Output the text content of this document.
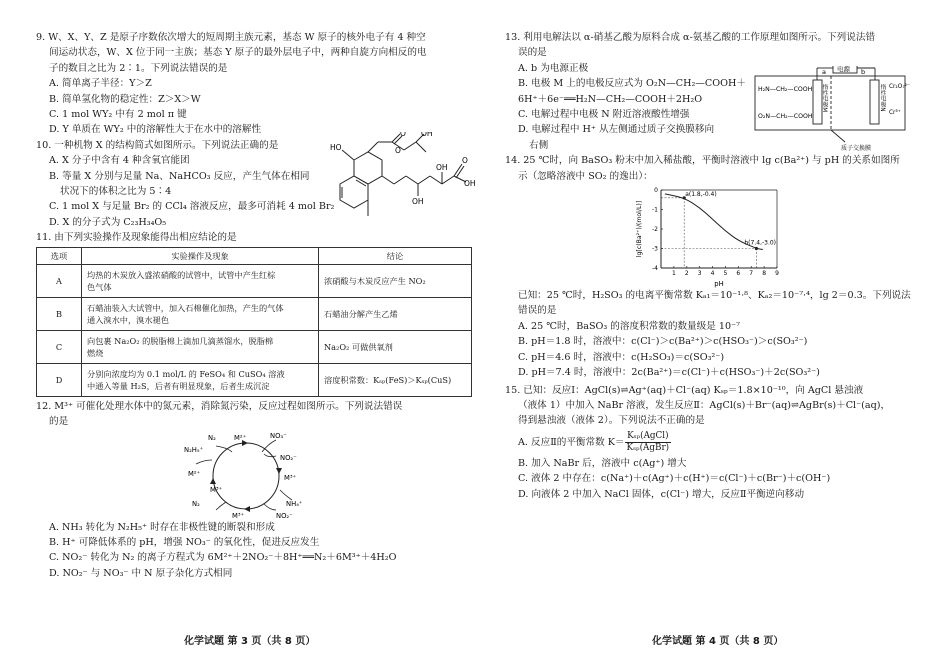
9. W、X、Y、Z 是原子序数依次增大的短周期主族元素，基态 W 原子的核外电子有 4 种空
间运动状态，W、X 位于同一主族；基态 Y 原子的最外层电子中，两种自旋方向相反的电
子的数目之比为 2∶1。下列说法错误的是
A. 简单离子半径：Y＞Z
B. 简单氢化物的稳定性：Z＞X＞W
C. 1 mol WY₂ 中有 2 mol π 键
D. Y 单质在 WY₂ 中的溶解性大于在水中的溶解性
10. 一种机物 X 的结构简式如图所示。下列说法正确的是
A. X 分子中含有 4 种含氧官能团
B. 等量 X 分别与足量 Na、NaHCO₃ 反应，产生气体在相同
状况下的体积之比为 5∶4
C. 1 mol X 与足量 Br₂ 的 CCl₄ 溶液反应，最多可消耗 4 mol Br₂
D. X 的分子式为 C₂₃H₃₄O₅
HO	O
O OH
OH
OH
OH
O
11. 由下列实验操作及现象能得出相应结论的是
选项	实验操作及现象	结论
A	均热的木炭放入盛浓硝酸的试管中，试管中产生红棕
色气体	浓硝酸与木炭反应产生 NO₂
B	石蜡油装入大试管中，加入石棉催化加热，产生的气体
通入溴水中，溴水褪色	石蜡油分解产生乙烯
C	向包裹 Na₂O₂ 的脱脂棉上滴加几滴蒸馏水，脱脂棉
燃烧	Na₂O₂ 可做供氧剂
D	分别向浓度均为 0.1 mol/L 的 FeSO₄ 和 CuSO₄ 溶液
中通入等量 H₂S，后者有明显现象，后者生成沉淀	溶度积常数：Kₛₚ(FeS)＞Kₛₚ(CuS)
12. M³⁺ 可催化处理水体中的氮元素，消除氮污染，反应过程如图所示。下列说法错误
的是
N₂
N₂H₅⁺
M²⁺	NO₃⁻
NO₂⁻
M³⁺
M²⁺
N₂
M³⁺
NH₄⁺
M³⁺
NO₂⁻
A. NH₃ 转化为 N₂H₅⁺ 时存在非极性键的断裂和形成
B. H⁺ 可降低体系的 pH，增强 NO₃⁻ 的氧化性，促进反应发生
C. NO₂⁻ 转化为 N₂ 的离子方程式为 6M²⁺＋2NO₂⁻＋8H⁺══N₂＋6M³⁺＋4H₂O
D. NO₂⁻ 与 NO₃⁻ 中 N 原子杂化方式相同
化学试题 第 3 页（共 8 页）
13. 利用电解法以 α-硝基乙酸为原料合成 α-氨基乙酸的工作原理如图所示。下列说法错
误的是
A. b 为电源正极
B. 电极 M 上的电极反应式为 O₂N—CH₂—COOH＋
6H⁺＋6e⁻══H₂N—CH₂—COOH＋2H₂O
C. 电解过程中电极 N 附近溶液酸性增强
D. 电解过程中 H⁺ 从左侧通过质子交换膜移向
右侧
电源
a	b
H₂N—CH₂—COOH
O₂N—CH₂—COOH
Cr₂O₇²⁻
Cr³⁺
质子交换膜
惰性电极M	惰性电极N
14. 25 ℃时，向 BaSO₃ 粉末中加入稀盐酸，平衡时溶液中 lg c(Ba²⁺) 与 pH 的关系如图所
示（忽略溶液中 SO₂ 的逸出）：
1 2 3 4 5 6 7 8 9
0
-1
-2
-3
-4
a(1.8,-0.4)
b(7.4,-3.0)
pH
lg[c(Ba²⁺)/(mol/L)]
已知：25 ℃时，H₂SO₃ 的电离平衡常数 Kₐ₁＝10⁻¹·⁸、Kₐ₂＝10⁻⁷·⁴，lg 2＝0.3。下列说法
错误的是
A. 25 ℃时，BaSO₃ 的溶度积常数的数量级是 10⁻⁷
B. pH＝1.8 时，溶液中：c(Cl⁻)＞c(Ba²⁺)＞c(HSO₃⁻)＞c(SO₃²⁻)
C. pH＝4.6 时，溶液中：c(H₂SO₃)＝c(SO₃²⁻)
D. pH＝7.4 时，溶液中：2c(Ba²⁺)＝c(Cl⁻)＋c(HSO₃⁻)＋2c(SO₃²⁻)
15. 已知：反应Ⅰ：AgCl(s)⇌Ag⁺(aq)＋Cl⁻(aq) Kₛₚ＝1.8×10⁻¹⁰，向 AgCl 悬浊液
（液体 1）中加入 NaBr 溶液，发生反应Ⅱ：AgCl(s)＋Br⁻(aq)⇌AgBr(s)＋Cl⁻(aq)，
得到悬浊液（液体 2）。下列说法不正确的是
A. 反应Ⅱ的平衡常数 K＝
Kₛₚ(AgCl)
Kₛₚ(AgBr)
B. 加入 NaBr 后，溶液中 c(Ag⁺) 增大
C. 液体 2 中存在：c(Na⁺)＋c(Ag⁺)＋c(H⁺)＝c(Cl⁻)＋c(Br⁻)＋c(OH⁻)
D. 向液体 2 中加入 NaCl 固体，c(Cl⁻) 增大，反应Ⅱ平衡逆向移动
化学试题 第 4 页（共 8 页）
